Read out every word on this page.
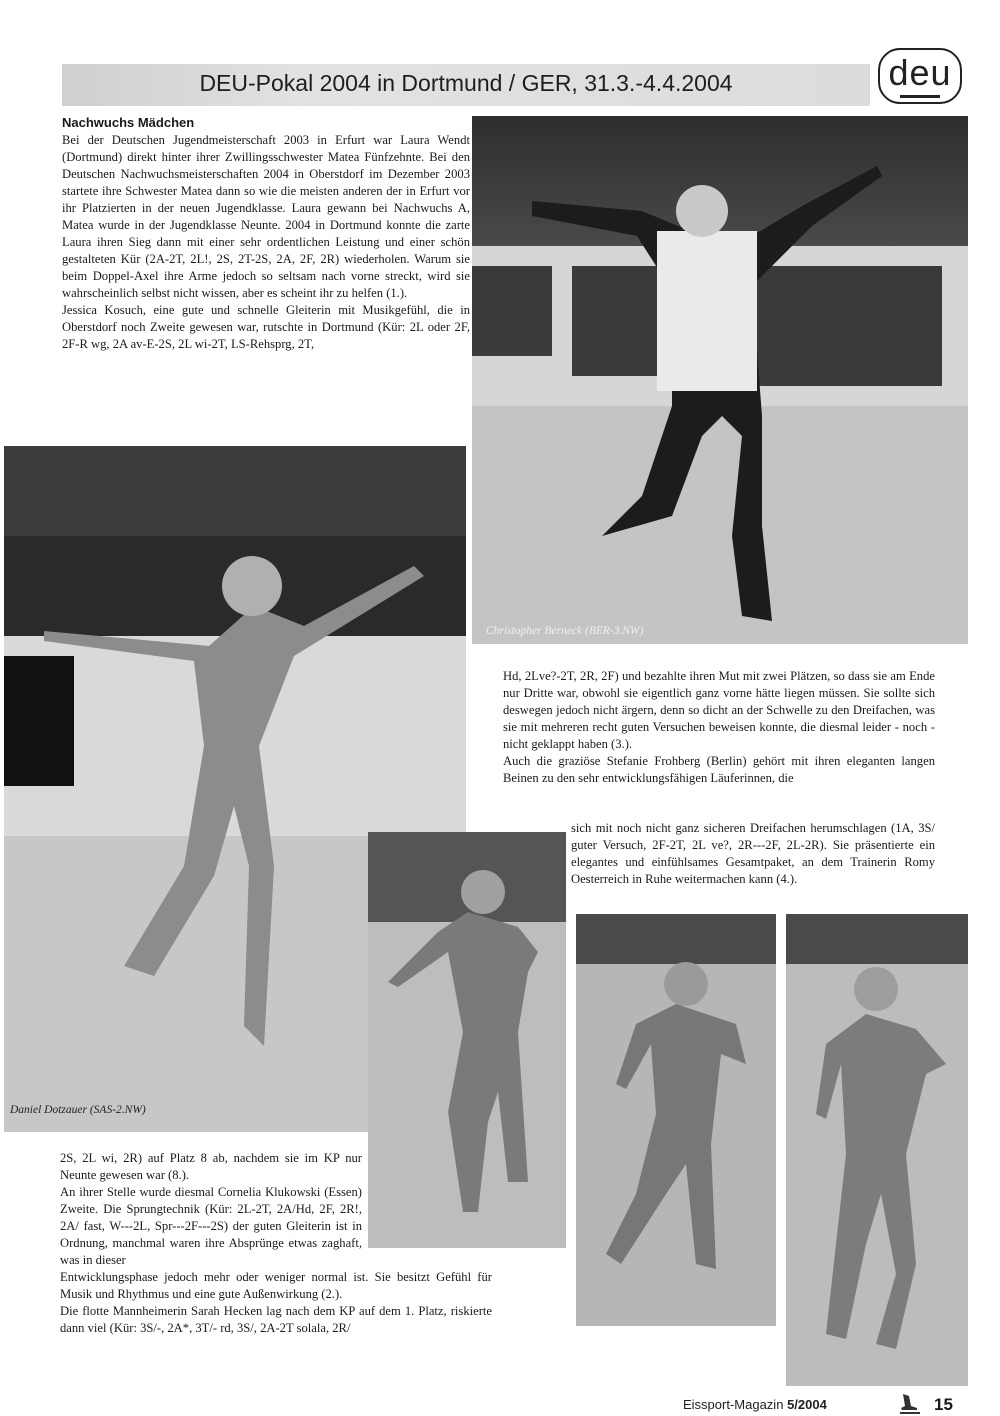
DEU-Pokal 2004 in Dortmund / GER, 31.3.-4.4.2004	deu
Nachwuchs Mädchen

Bei der Deutschen Jugendmeisterschaft 2003 in Erfurt war Laura Wendt (Dortmund) direkt hinter ihrer Zwillingsschwester Matea Fünfzehnte. Bei den Deutschen Nachwuchsmeisterschaften 2004 in Oberstdorf im Dezember 2003 startete ihre Schwester Matea dann so wie die meisten anderen der in Erfurt vor ihr Platzierten in der neuen Jugendklasse. Laura gewann bei Nachwuchs A, Matea wurde in der Jugendklasse Neunte. 2004 in Dortmund konnte die zarte Laura ihren Sieg dann mit einer sehr ordentlichen Leistung und einer schön gestalteten Kür (2A-2T, 2L!, 2S, 2T-2S, 2A, 2F, 2R) wiederholen. Warum sie beim Doppel-Axel ihre Arme jedoch so seltsam nach vorne streckt, wird sie wahrscheinlich selbst nicht wissen, aber es scheint ihr zu helfen (1.).

Jessica Kosuch, eine gute und schnelle Gleiterin mit Musikgefühl, die in Oberstdorf noch Zweite gewesen war, rutschte in Dortmund (Kür: 2L oder 2F, 2F-R wg, 2A av-E-2S, 2L wi-2T, LS-Rehsprg, 2T,

Christopher Berneck (BER-3.NW)
Daniel Dotzauer (SAS-2.NW)

Hd, 2Lve?-2T, 2R, 2F) und bezahlte ihren Mut mit zwei Plätzen, so dass sie am Ende nur Dritte war, obwohl sie eigentlich ganz vorne hätte liegen müssen. Sie sollte sich deswegen jedoch nicht ärgern, denn so dicht an der Schwelle zu den Dreifachen, was sie mit mehreren recht guten Versuchen beweisen konnte, die diesmal leider - noch - nicht geklappt haben (3.).

Auch die graziöse Stefanie Frohberg (Berlin) gehört mit ihren eleganten langen Beinen zu den sehr entwicklungsfähigen Läuferinnen, die

sich mit noch nicht ganz sicheren Dreifachen herumschlagen (1A, 3S/ guter Versuch, 2F-2T, 2L ve?, 2R---2F, 2L-2R). Sie präsentierte ein elegantes und einfühlsames Gesamtpaket, an dem Trainerin Romy Oesterreich in Ruhe weitermachen kann (4.).

2S, 2L wi, 2R) auf Platz 8 ab, nachdem sie im KP nur Neunte gewesen war (8.).

An ihrer Stelle wurde diesmal Cornelia Klukowski (Essen) Zweite. Die Sprungtechnik (Kür: 2L-2T, 2A/Hd, 2F, 2R!, 2A/ fast, W---2L, Spr---2F---2S) der guten Gleiterin ist in Ordnung, manchmal waren ihre Absprünge etwas zaghaft, was in dieser

Entwicklungsphase jedoch mehr oder weniger normal ist. Sie besitzt Gefühl für Musik und Rhythmus und eine gute Außenwirkung (2.).

Die flotte Mannheimerin Sarah Hecken lag nach dem KP auf dem 1. Platz, riskierte dann viel (Kür: 3S/-, 2A*, 3T/- rd, 3S/, 2A-2T solala, 2R/

Eissport-Magazin 5/2004	15
